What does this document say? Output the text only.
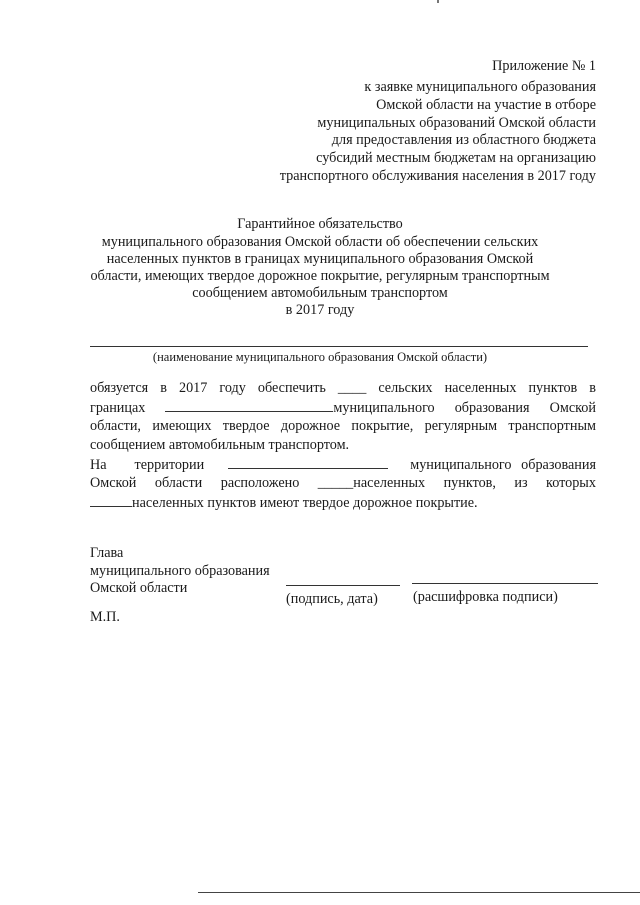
Приложение № 1
к заявке муниципального образования
Омской области на участие в отборе
муниципальных образований Омской области
для предоставления из областного бюджета
субсидий местным бюджетам на организацию
транспортного обслуживания населения в 2017 году
Гарантийное обязательство
муниципального образования Омской области об обеспечении сельских
населенных пунктов в границах муниципального образования Омской
области, имеющих твердое дорожное покрытие, регулярным транспортным
сообщением автомобильным транспортом
в 2017 году
(наименование муниципального образования Омской области)
обязуется в 2017 году обеспечить ____ сельских населенных пунктов в
границах	муниципального образования Омской
области, имеющих твердое дорожное покрытие, регулярным транспортным
сообщением автомобильным транспортом.
На территории	муниципального образования
Омской области расположено _____населенных пунктов, из которых
населенных пунктов имеют твердое дорожное покрытие.
Глава
муниципального образования
Омской области
(подпись, дата) (расшифровка подписи)
М.П.
